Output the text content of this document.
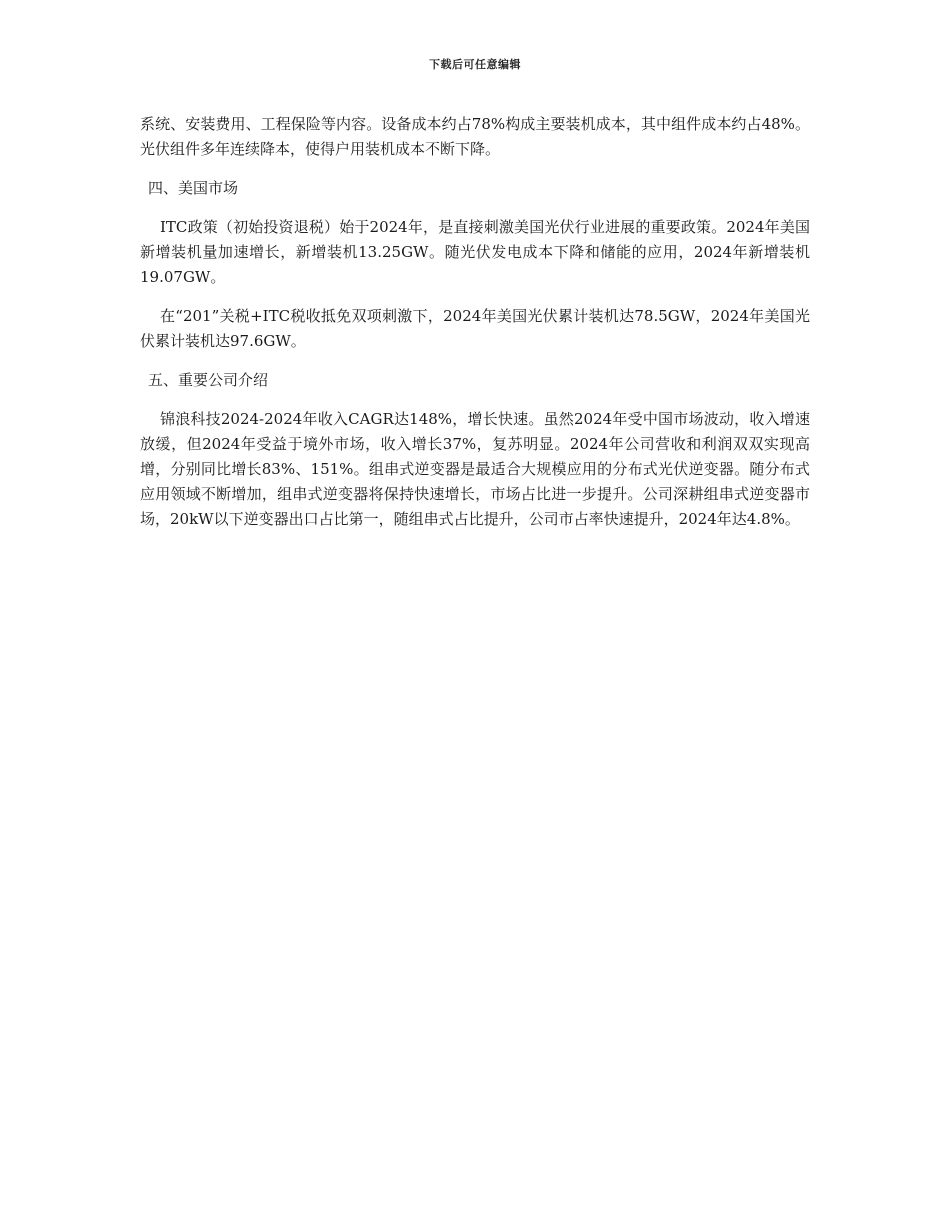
下载后可任意编辑

系统、安装费用、工程保险等内容。设备成本约占78%构成主要装机成本，其中组件成本约占48%。光伏组件多年连续降本，使得户用装机成本不断下降。

四、美国市场

ITC政策（初始投资退税）始于2024年，是直接刺激美国光伏行业进展的重要政策。2024年美国新增装机量加速增长，新增装机13.25GW。随光伏发电成本下降和储能的应用，2024年新增装机19.07GW。

在“201”关税+ITC税收抵免双项刺激下，2024年美国光伏累计装机达78.5GW，2024年美国光伏累计装机达97.6GW。

五、重要公司介绍

锦浪科技2024-2024年收入CAGR达148%，增长快速。虽然2024年受中国市场波动，收入增速放缓，但2024年受益于境外市场，收入增长37%，复苏明显。2024年公司营收和利润双双实现高增，分别同比增长83%、151%。组串式逆变器是最适合大规模应用的分布式光伏逆变器。随分布式应用领域不断增加，组串式逆变器将保持快速增长，市场占比进一步提升。公司深耕组串式逆变器市场，20kW以下逆变器出口占比第一，随组串式占比提升，公司市占率快速提升，2024年达4.8%。
